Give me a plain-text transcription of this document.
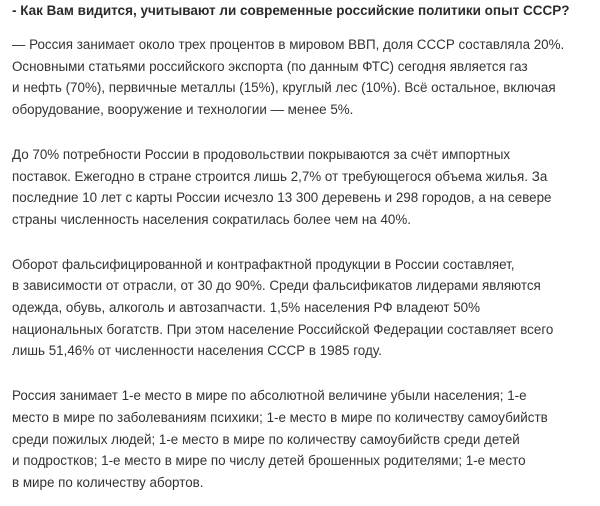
- Как Вам видится, учитывают ли современные российские политики опыт СССР?
— Россия занимает около трех процентов в мировом ВВП, доля СССР составляла 20%.
Основными статьями российского экспорта (по данным ФТС) сегодня является газ
и нефть (70%), первичные металлы (15%), круглый лес (10%). Всё остальное, включая
оборудование, вооружение и технологии — менее 5%.
До 70% потребности России в продовольствии покрываются за счёт импортных
поставок. Ежегодно в стране строится лишь 2,7% от требующегося объема жилья. За
последние 10 лет с карты России исчезло 13 300 деревень и 298 городов, а на севере
страны численность населения сократилась более чем на 40%.
Оборот фальсифицированной и контрафактной продукции в России составляет,
в зависимости от отрасли, от 30 до 90%. Среди фальсификатов лидерами являются
одежда, обувь, алкоголь и автозапчасти. 1,5% населения РФ владеют 50%
национальных богатств. При этом население Российской Федерации составляет всего
лишь 51,46% от численности населения СССР в 1985 году.
Россия занимает 1-е место в мире по абсолютной величине убыли населения; 1-е
место в мире по заболеваниям психики; 1-е место в мире по количеству самоубийств
среди пожилых людей; 1-е место в мире по количеству самоубийств среди детей
и подростков; 1-е место в мире по числу детей брошенных родителями; 1-е место
в мире по количеству абортов.
